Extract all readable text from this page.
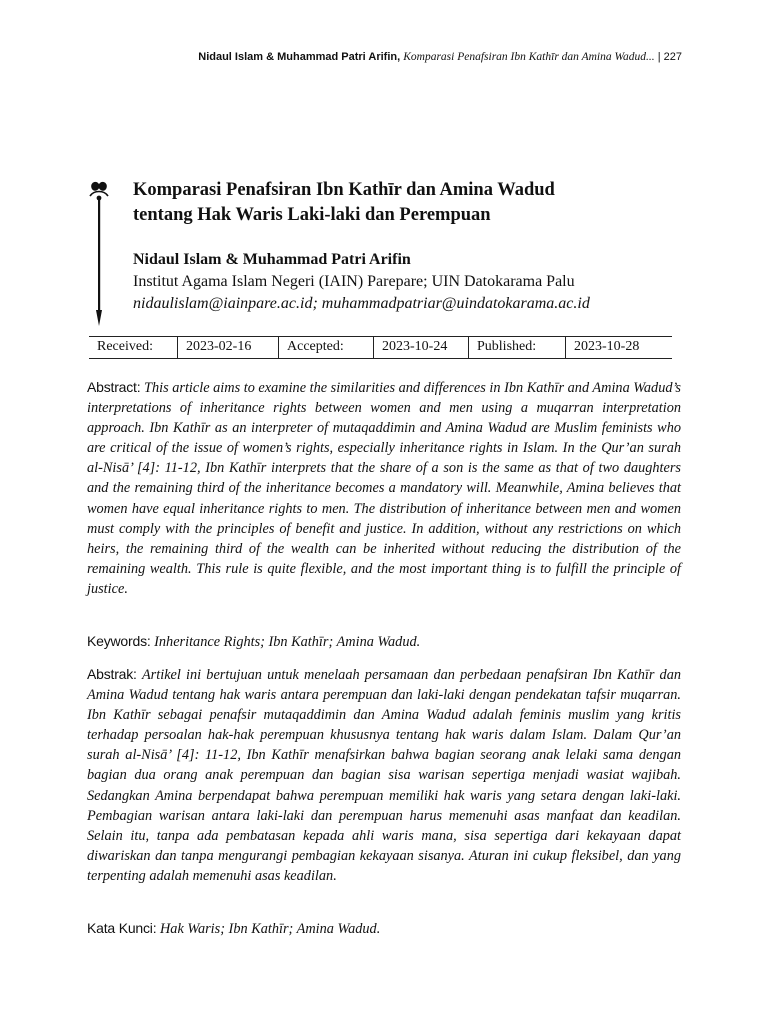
Nidaul Islam & Muhammad Patri Arifin, Komparasi Penafsiran Ibn Kathīr dan Amina Wadud... | 227
Komparasi Penafsiran Ibn Kathīr dan Amina Wadud
tentang Hak Waris Laki-laki dan Perempuan
Nidaul Islam & Muhammad Patri Arifin
Institut Agama Islam Negeri (IAIN) Parepare; UIN Datokarama Palu
nidaulislam@iainpare.ac.id; muhammadpatriar@uindatokarama.ac.id
Received:	2023-02-16	Accepted:	2023-10-24	Published:	2023-10-28

Abstract: This article aims to examine the similarities and differences in Ibn Kathīr and Amina Wadud’s interpretations of inheritance rights between women and men using a muqarran interpretation approach. Ibn Kathīr as an interpreter of mutaqaddimin and Amina Wadud are Muslim feminists who are critical of the issue of women’s rights, especially inheritance rights in Islam. In the Qur’an surah al-Nisā’ [4]: 11-12, Ibn Kathīr interprets that the share of a son is the same as that of two daughters and the remaining third of the inheritance becomes a mandatory will. Meanwhile, Amina believes that women have equal inheritance rights to men. The distribution of inheritance between men and women must comply with the principles of benefit and justice. In addition, without any restrictions on which heirs, the remaining third of the wealth can be inherited without reducing the distribution of the remaining wealth. This rule is quite flexible, and the most important thing is to fulfill the principle of justice.

Keywords: Inheritance Rights; Ibn Kathīr; Amina Wadud.

Abstrak: Artikel ini bertujuan untuk menelaah persamaan dan perbedaan penafsiran Ibn Kathīr dan Amina Wadud tentang hak waris antara perempuan dan laki-laki dengan pendekatan tafsir muqarran. Ibn Kathīr sebagai penafsir mutaqaddimin dan Amina Wadud adalah feminis muslim yang kritis terhadap persoalan hak-hak perempuan khususnya tentang hak waris dalam Islam. Dalam Qur’an surah al-Nisā’ [4]: 11-12, Ibn Kathīr menafsirkan bahwa bagian seorang anak lelaki sama dengan bagian dua orang anak perempuan dan bagian sisa warisan sepertiga menjadi wasiat wajibah. Sedangkan Amina berpendapat bahwa perempuan memiliki hak waris yang setara dengan laki-laki. Pembagian warisan antara laki-laki dan perempuan harus memenuhi asas manfaat dan keadilan. Selain itu, tanpa ada pembatasan kepada ahli waris mana, sisa sepertiga dari kekayaan dapat diwariskan dan tanpa mengurangi pembagian kekayaan sisanya. Aturan ini cukup fleksibel, dan yang terpenting adalah memenuhi asas keadilan.

Kata Kunci: Hak Waris; Ibn Kathīr; Amina Wadud.
